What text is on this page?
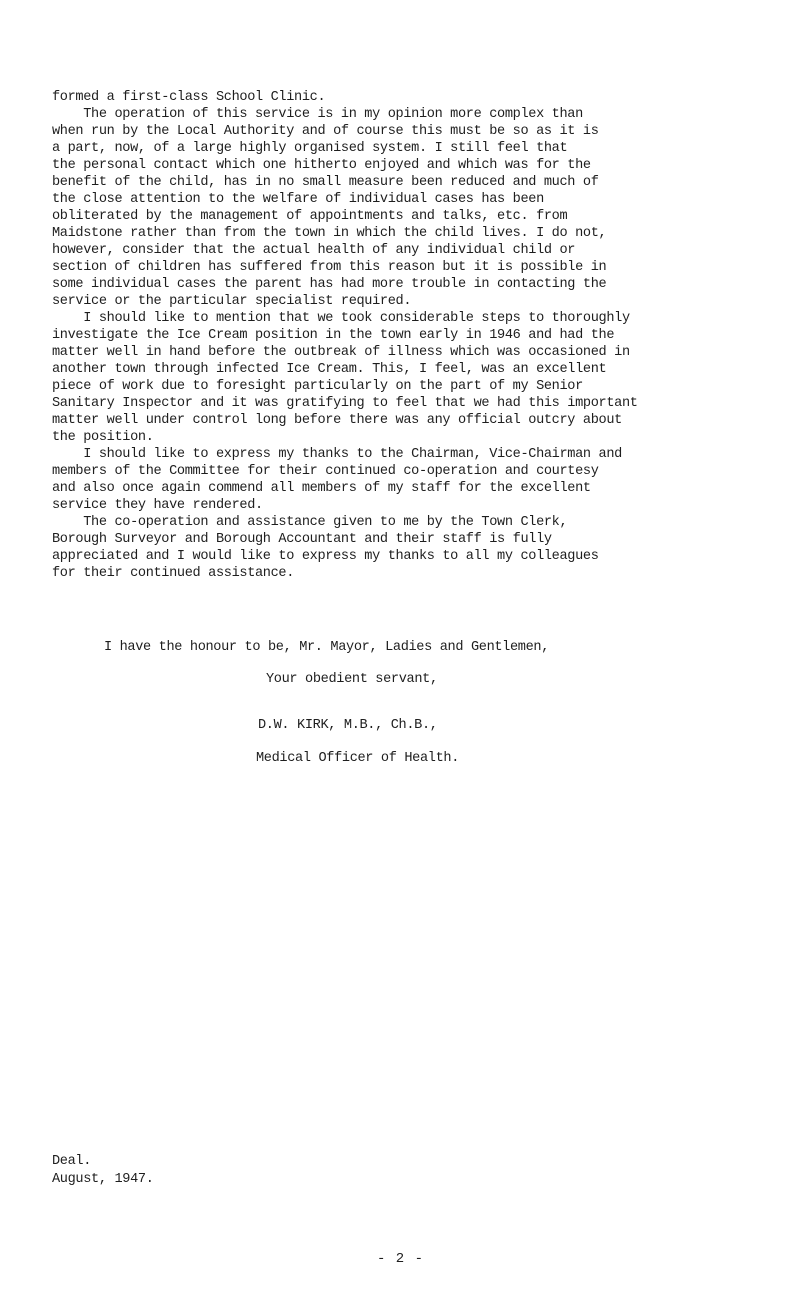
formed a first-class School Clinic.
The operation of this service is in my opinion more complex than
when run by the Local Authority and of course this must be so as it is
a part, now, of a large highly organised system. I still feel that
the personal contact which one hitherto enjoyed and which was for the
benefit of the child, has in no small measure been reduced and much of
the close attention to the welfare of individual cases has been
obliterated by the management of appointments and talks, etc. from
Maidstone rather than from the town in which the child lives. I do not,
however, consider that the actual health of any individual child or
section of children has suffered from this reason but it is possible in
some individual cases the parent has had more trouble in contacting the
service or the particular specialist required.
I should like to mention that we took considerable steps to thoroughly
investigate the Ice Cream position in the town early in 1946 and had the
matter well in hand before the outbreak of illness which was occasioned in
another town through infected Ice Cream. This, I feel, was an excellent
piece of work due to foresight particularly on the part of my Senior
Sanitary Inspector and it was gratifying to feel that we had this important
matter well under control long before there was any official outcry about
the position.
I should like to express my thanks to the Chairman, Vice-Chairman and
members of the Committee for their continued co-operation and courtesy
and also once again commend all members of my staff for the excellent
service they have rendered.
The co-operation and assistance given to me by the Town Clerk,
Borough Surveyor and Borough Accountant and their staff is fully
appreciated and I would like to express my thanks to all my colleagues
for their continued assistance.
I have the honour to be, Mr. Mayor, Ladies and Gentlemen,
Your obedient servant,
D.W. KIRK, M.B., Ch.B.,
Medical Officer of Health.
Deal.
August, 1947.
- 2 -
